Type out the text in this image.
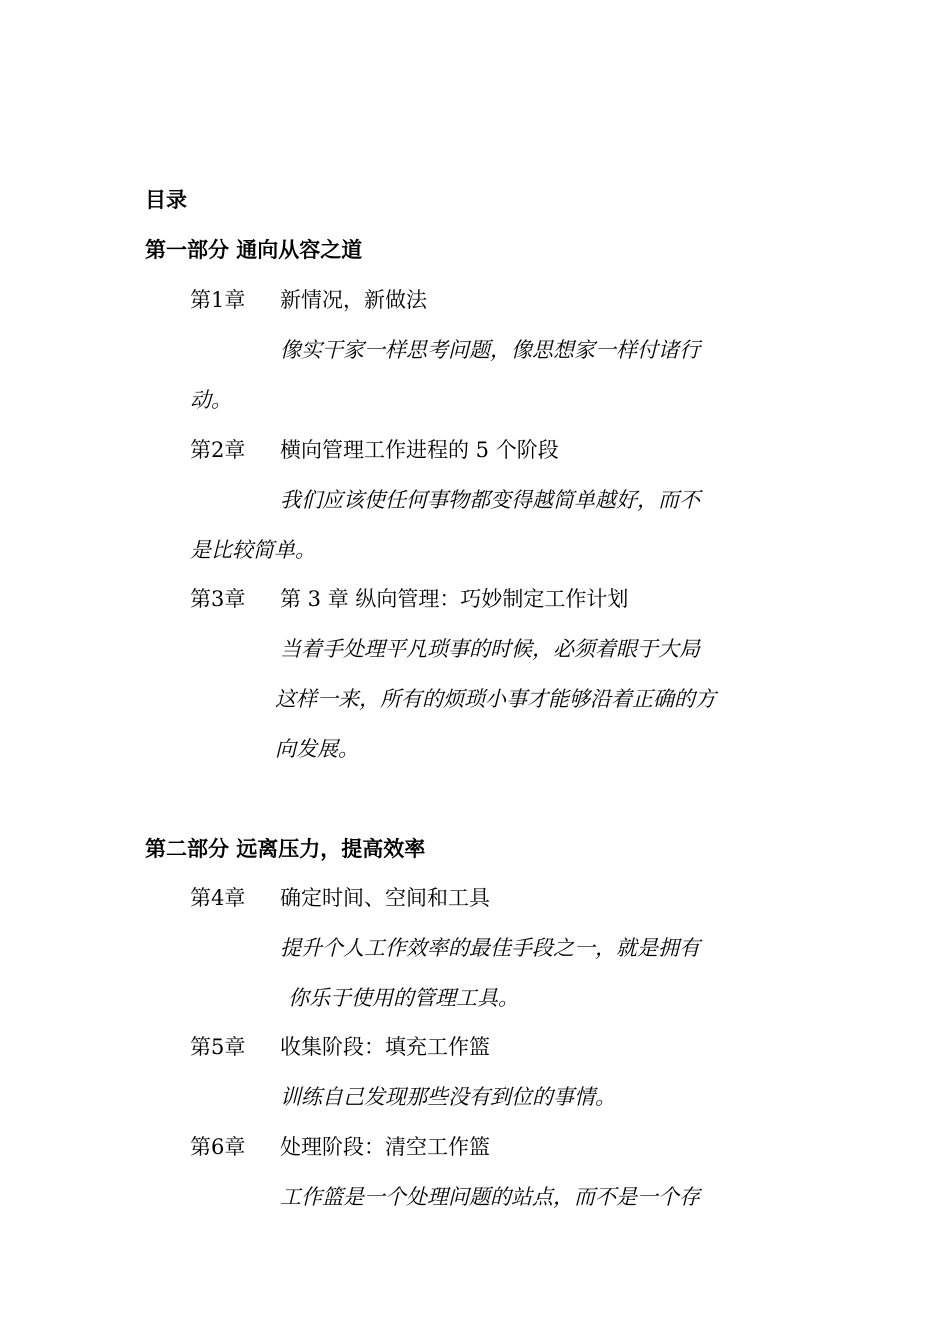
目录
第一部分 通向从容之道
第1章 新情况，新做法
像实干家一样思考问题，像思想家一样付诸行
动。
第2章 横向管理工作进程的 5 个阶段
我们应该使任何事物都变得越简单越好，而不
是比较简单。
第3章 第 3 章 纵向管理：巧妙制定工作计划
当着手处理平凡琐事的时候，必须着眼于大局
这样一来，所有的烦琐小事才能够沿着正确的方
向发展。
第二部分 远离压力，提高效率
第4章 确定时间、空间和工具
提升个人工作效率的最佳手段之一，就是拥有
你乐于使用的管理工具。
第5章 收集阶段：填充工作篮
训练自己发现那些没有到位的事情。
第6章 处理阶段：清空工作篮
工作篮是一个处理问题的站点，而不是一个存
